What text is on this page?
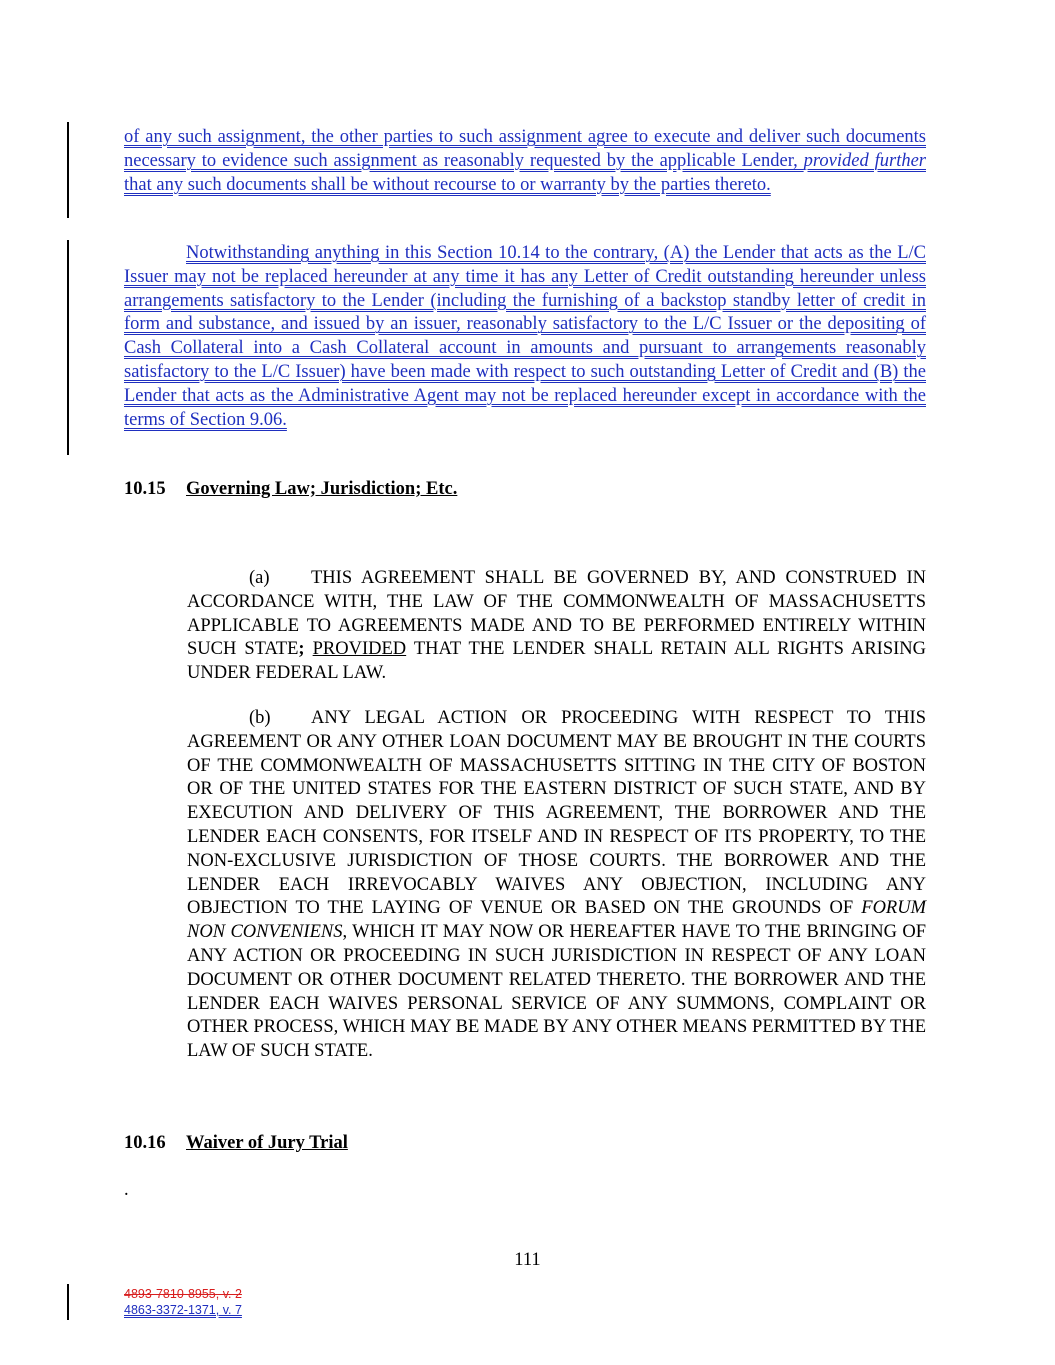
of any such assignment, the other parties to such assignment agree to execute and deliver such documents necessary to evidence such assignment as reasonably requested by the applicable Lender, provided further that any such documents shall be without recourse to or warranty by the parties thereto.

Notwithstanding anything in this Section 10.14 to the contrary, (A) the Lender that acts as the L/C Issuer may not be replaced hereunder at any time it has any Letter of Credit outstanding hereunder unless arrangements satisfactory to the Lender (including the furnishing of a backstop standby letter of credit in form and substance, and issued by an issuer, reasonably satisfactory to the L/C Issuer or the depositing of Cash Collateral into a Cash Collateral account in amounts and pursuant to arrangements reasonably satisfactory to the L/C Issuer) have been made with respect to such outstanding Letter of Credit and (B) the Lender that acts as the Administrative Agent may not be replaced hereunder except in accordance with the terms of Section 9.06.

10.15 Governing Law; Jurisdiction; Etc.

(a) THIS AGREEMENT SHALL BE GOVERNED BY, AND CONSTRUED IN ACCORDANCE WITH, THE LAW OF THE COMMONWEALTH OF MASSACHUSETTS APPLICABLE TO AGREEMENTS MADE AND TO BE PERFORMED ENTIRELY WITHIN SUCH STATE; PROVIDED THAT THE LENDER SHALL RETAIN ALL RIGHTS ARISING UNDER FEDERAL LAW.

(b) ANY LEGAL ACTION OR PROCEEDING WITH RESPECT TO THIS AGREEMENT OR ANY OTHER LOAN DOCUMENT MAY BE BROUGHT IN THE COURTS OF THE COMMONWEALTH OF MASSACHUSETTS SITTING IN THE CITY OF BOSTON OR OF THE UNITED STATES FOR THE EASTERN DISTRICT OF SUCH STATE, AND BY EXECUTION AND DELIVERY OF THIS AGREEMENT, THE BORROWER AND THE LENDER EACH CONSENTS, FOR ITSELF AND IN RESPECT OF ITS PROPERTY, TO THE NON-EXCLUSIVE JURISDICTION OF THOSE COURTS. THE BORROWER AND THE LENDER EACH IRREVOCABLY WAIVES ANY OBJECTION, INCLUDING ANY OBJECTION TO THE LAYING OF VENUE OR BASED ON THE GROUNDS OF FORUM NON CONVENIENS, WHICH IT MAY NOW OR HEREAFTER HAVE TO THE BRINGING OF ANY ACTION OR PROCEEDING IN SUCH JURISDICTION IN RESPECT OF ANY LOAN DOCUMENT OR OTHER DOCUMENT RELATED THERETO. THE BORROWER AND THE LENDER EACH WAIVES PERSONAL SERVICE OF ANY SUMMONS, COMPLAINT OR OTHER PROCESS, WHICH MAY BE MADE BY ANY OTHER MEANS PERMITTED BY THE LAW OF SUCH STATE.

10.16 Waiver of Jury Trial
.
111
4893-7810-8955, v. 2
4863-3372-1371, v. 7
